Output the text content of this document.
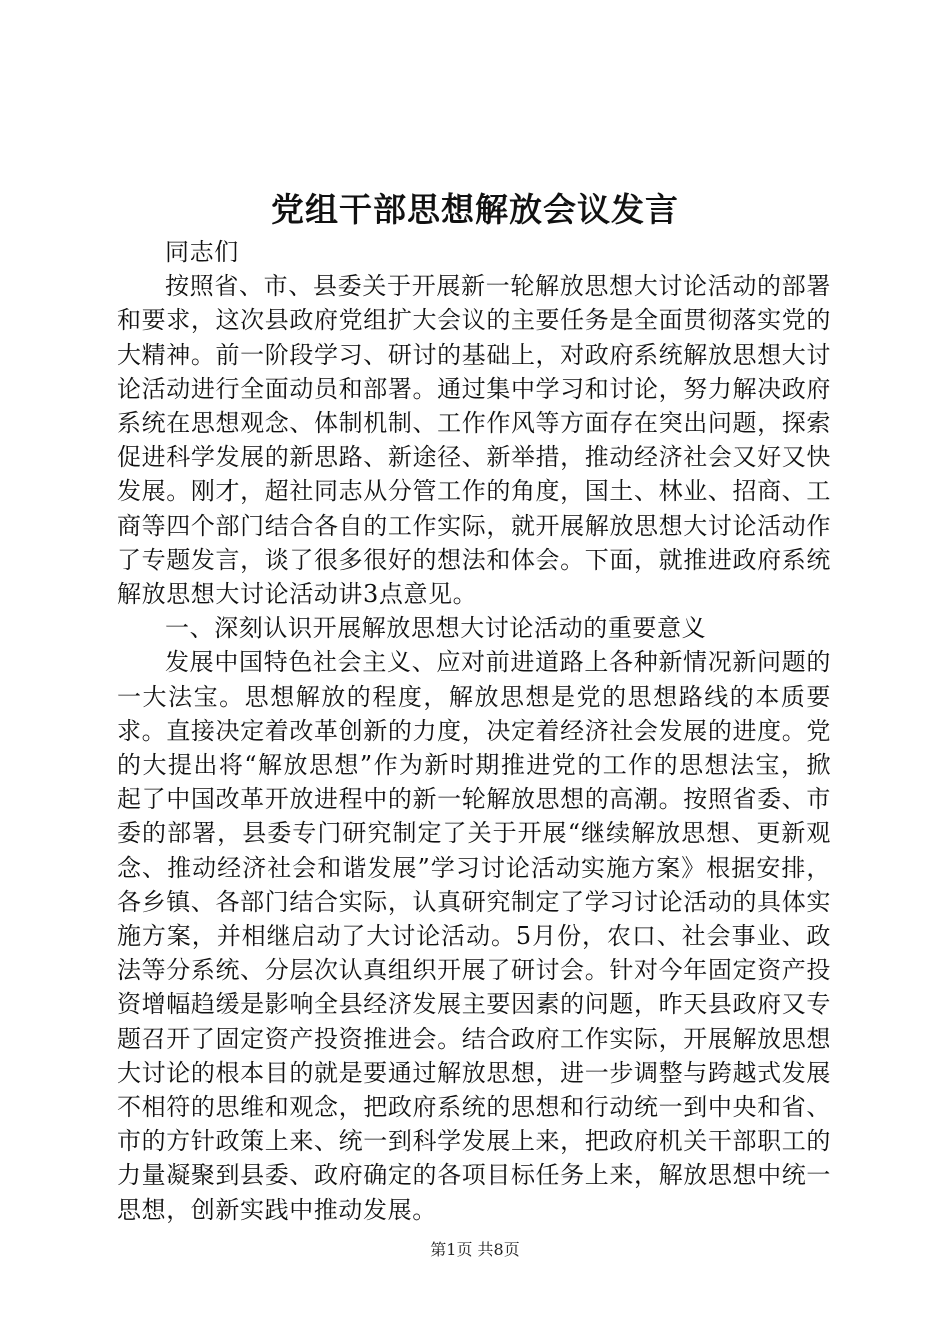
党组干部思想解放会议发言

同志们

按照省、市、县委关于开展新一轮解放思想大讨论活动的部署和要求，这次县政府党组扩大会议的主要任务是全面贯彻落实党的大精神。前一阶段学习、研讨的基础上，对政府系统解放思想大讨论活动进行全面动员和部署。通过集中学习和讨论，努力解决政府系统在思想观念、体制机制、工作作风等方面存在突出问题，探索促进科学发展的新思路、新途径、新举措，推动经济社会又好又快发展。刚才，超社同志从分管工作的角度，国土、林业、招商、工商等四个部门结合各自的工作实际，就开展解放思想大讨论活动作了专题发言，谈了很多很好的想法和体会。下面，就推进政府系统解放思想大讨论活动讲3点意见。

一、深刻认识开展解放思想大讨论活动的重要意义

发展中国特色社会主义、应对前进道路上各种新情况新问题的一大法宝。思想解放的程度，解放思想是党的思想路线的本质要求。直接决定着改革创新的力度，决定着经济社会发展的进度。党的大提出将“解放思想”作为新时期推进党的工作的思想法宝，掀起了中国改革开放进程中的新一轮解放思想的高潮。按照省委、市委的部署，县委专门研究制定了关于开展“继续解放思想、更新观念、推动经济社会和谐发展”学习讨论活动实施方案》根据安排，各乡镇、各部门结合实际，认真研究制定了学习讨论活动的具体实施方案，并相继启动了大讨论活动。5月份，农口、社会事业、政法等分系统、分层次认真组织开展了研讨会。针对今年固定资产投资增幅趋缓是影响全县经济发展主要因素的问题，昨天县政府又专题召开了固定资产投资推进会。结合政府工作实际，开展解放思想大讨论的根本目的就是要通过解放思想，进一步调整与跨越式发展不相符的思维和观念，把政府系统的思想和行动统一到中央和省、市的方针政策上来、统一到科学发展上来，把政府机关干部职工的力量凝聚到县委、政府确定的各项目标任务上来，解放思想中统一思想，创新实践中推动发展。

第1页 共8页
